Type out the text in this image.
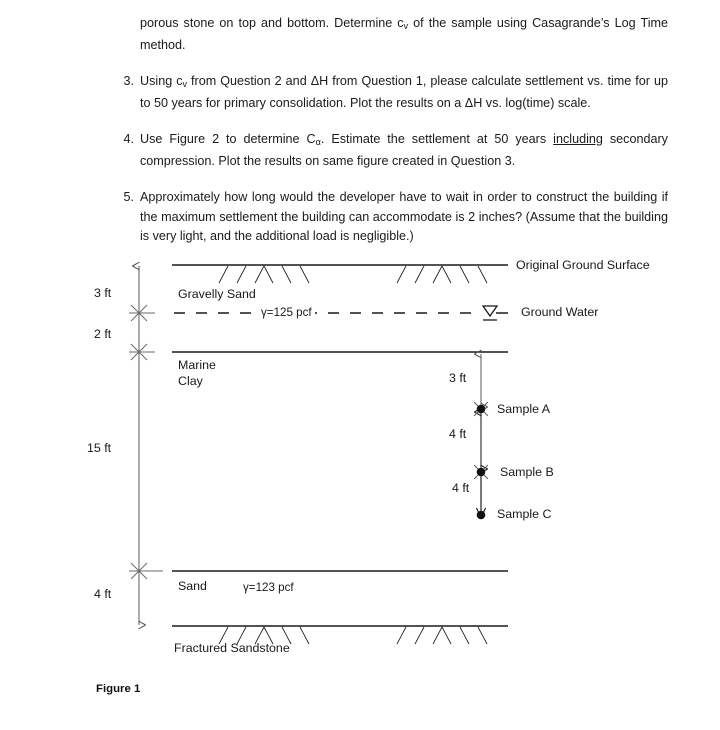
porous stone on top and bottom. Determine $c_v$ of the sample using Casagrande’s Log Time method.
3. Using $c_v$ from Question 2 and ΔH from Question 1, please calculate settlement vs. time for up to 50 years for primary consolidation. Plot the results on a ΔH vs. log(time) scale.
4. Use Figure 2 to determine $C_\alpha$. Estimate the settlement at 50 years including secondary compression. Plot the results on same figure created in Question 3.
5. Approximately how long would the developer have to wait in order to construct the building if the maximum settlement the building can accommodate is 2 inches? (Assume that the building is very light, and the additional load is negligible.)
Original Ground Surface
Ground Water
Gravelly Sand
γ=125 pcf
Marine
Clay
Sand	γ=123 pcf
Fractured Sandstone
3 ft
2 ft
15 ft
4 ft
3 ft
4 ft
4 ft
Sample A
Sample B
Sample C
Figure 1
